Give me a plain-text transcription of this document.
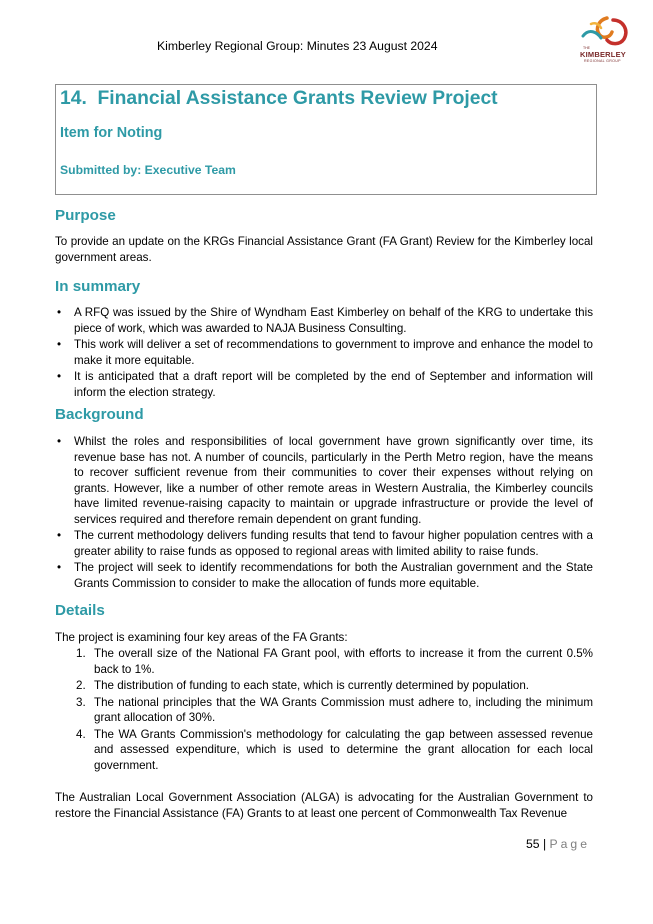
Kimberley Regional Group: Minutes 23 August 2024	THE
KIMBERLEY
REGIONAL GROUP
14.  Financial Assistance Grants Review Project
Item for Noting
Submitted by: Executive Team
Purpose

To provide an update on the KRGs Financial Assistance Grant (FA Grant) Review for the Kimberley local government areas.

In summary
• A RFQ was issued by the Shire of Wyndham East Kimberley on behalf of the KRG to undertake this piece of work, which was awarded to NAJA Business Consulting.
• This work will deliver a set of recommendations to government to improve and enhance the model to make it more equitable.
• It is anticipated that a draft report will be completed by the end of September and information will inform the election strategy.
Background
• Whilst the roles and responsibilities of local government have grown significantly over time, its revenue base has not. A number of councils, particularly in the Perth Metro region, have the means to recover sufficient revenue from their communities to cover their expenses without relying on grants. However, like a number of other remote areas in Western Australia, the Kimberley councils have limited revenue-raising capacity to maintain or upgrade infrastructure or provide the level of services required and therefore remain dependent on grant funding.
• The current methodology delivers funding results that tend to favour higher population centres with a greater ability to raise funds as opposed to regional areas with limited ability to raise funds.
• The project will seek to identify recommendations for both the Australian government and the State Grants Commission to consider to make the allocation of funds more equitable.
Details

The project is examining four key areas of the FA Grants:

1. The overall size of the National FA Grant pool, with efforts to increase it from the current 0.5% back to 1%.
2. The distribution of funding to each state, which is currently determined by population.
3. The national principles that the WA Grants Commission must adhere to, including the minimum grant allocation of 30%.
4. The WA Grants Commission's methodology for calculating the gap between assessed revenue and assessed expenditure, which is used to determine the grant allocation for each local government.

The Australian Local Government Association (ALGA) is advocating for the Australian Government to restore the Financial Assistance (FA) Grants to at least one percent of Commonwealth Tax Revenue

55 | Page
